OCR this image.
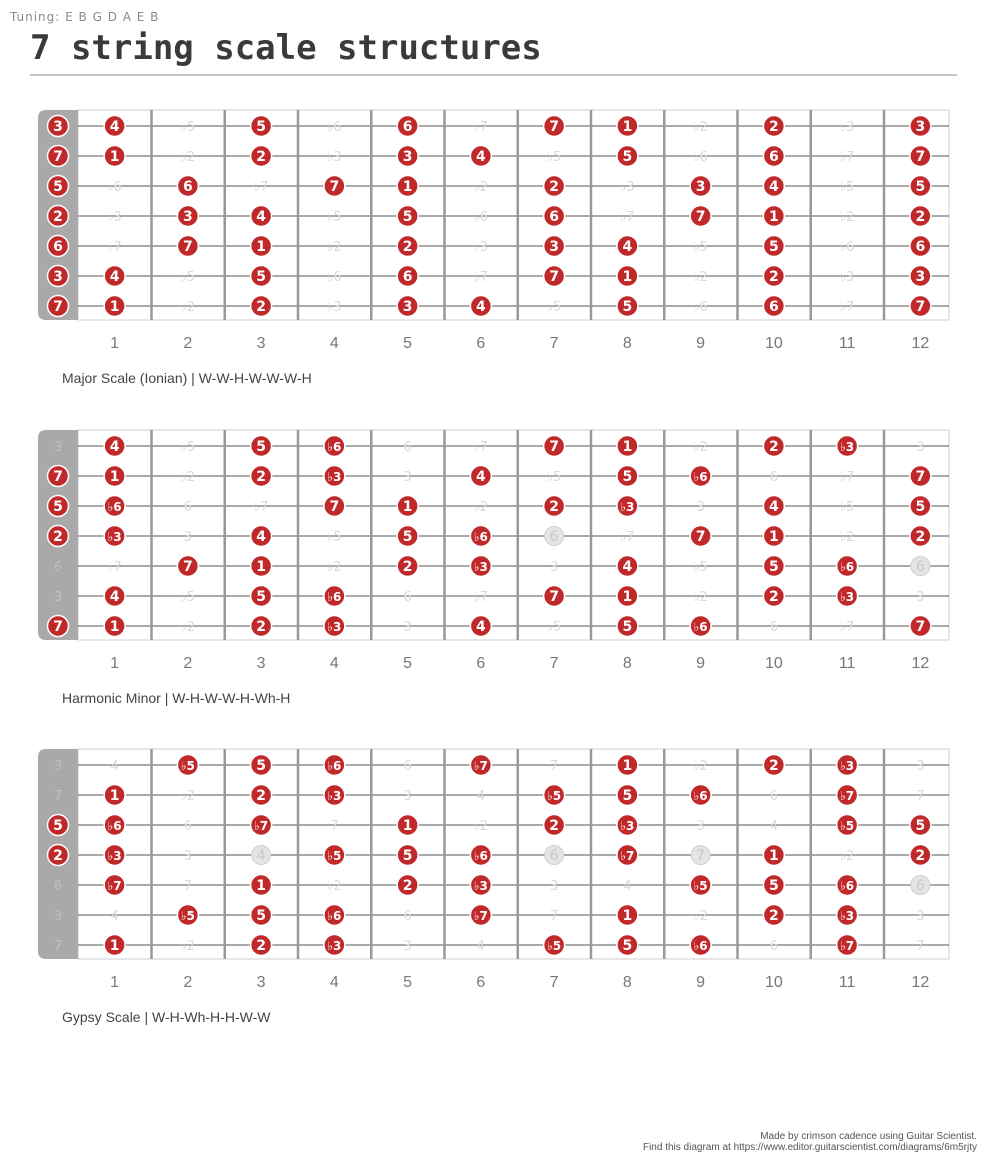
Tuning: E B G D A E B
7 string scale structures
1	2	3	4	5	6	7	8	9	10	11	12
3	4	♭5	5	♭6	6	♭7	7	1	♭2	2	♭3	3
7	1	♭2	2	♭3	3	4	♭5	5	♭6	6	♭7	7
5	♭6	6	♭7	7	1	♭2	2	♭3	3	4	♭5	5
2	♭3	3	4	♭5	5	♭6	6	♭7	7	1	♭2	2
6	♭7	7	1	♭2	2	♭3	3	4	♭5	5	♭6	6
3	4	♭5	5	♭6	6	♭7	7	1	♭2	2	♭3	3
7	1	♭2	2	♭3	3	4	♭5	5	♭6	6	♭7	7
Major Scale (Ionian) | W-W-H-W-W-W-H
1	2	3	4	5	6	7	8	9	10	11	12
3	4	♭5	5	♭6	6	♭7	7	1	♭2	2	♭3	3
7	1	♭2	2	♭3	3	4	♭5	5	♭6	6	♭7	7
5	♭6	6	♭7	7	1	♭2	2	♭3	3	4	♭5	5
2	♭3	3	4	♭5	5	♭6	6	♭7	7	1	♭2	2
6	♭7	7	1	♭2	2	♭3	3	4	♭5	5	♭6	6
3	4	♭5	5	♭6	6	♭7	7	1	♭2	2	♭3	3
7	1	♭2	2	♭3	3	4	♭5	5	♭6	6	♭7	7
Harmonic Minor | W-H-W-W-H-Wh-H
1	2	3	4	5	6	7	8	9	10	11	12
3	4	♭5	5	♭6	6	♭7	7	1	♭2	2	♭3	3
7	1	♭2	2	♭3	3	4	♭5	5	♭6	6	♭7	7
5	♭6	6	♭7	7	1	♭2	2	♭3	3	4	♭5	5
2	♭3	3	4	♭5	5	♭6	6	♭7	7	1	♭2	2
6	♭7	7	1	♭2	2	♭3	3	4	♭5	5	♭6	6
3	4	♭5	5	♭6	6	♭7	7	1	♭2	2	♭3	3
7	1	♭2	2	♭3	3	4	♭5	5	♭6	6	♭7	7
Gypsy Scale | W-H-Wh-H-H-W-W
Made by crimson cadence using Guitar Scientist.
Find this diagram at https://www.editor.guitarscientist.com/diagrams/6m5rjty
